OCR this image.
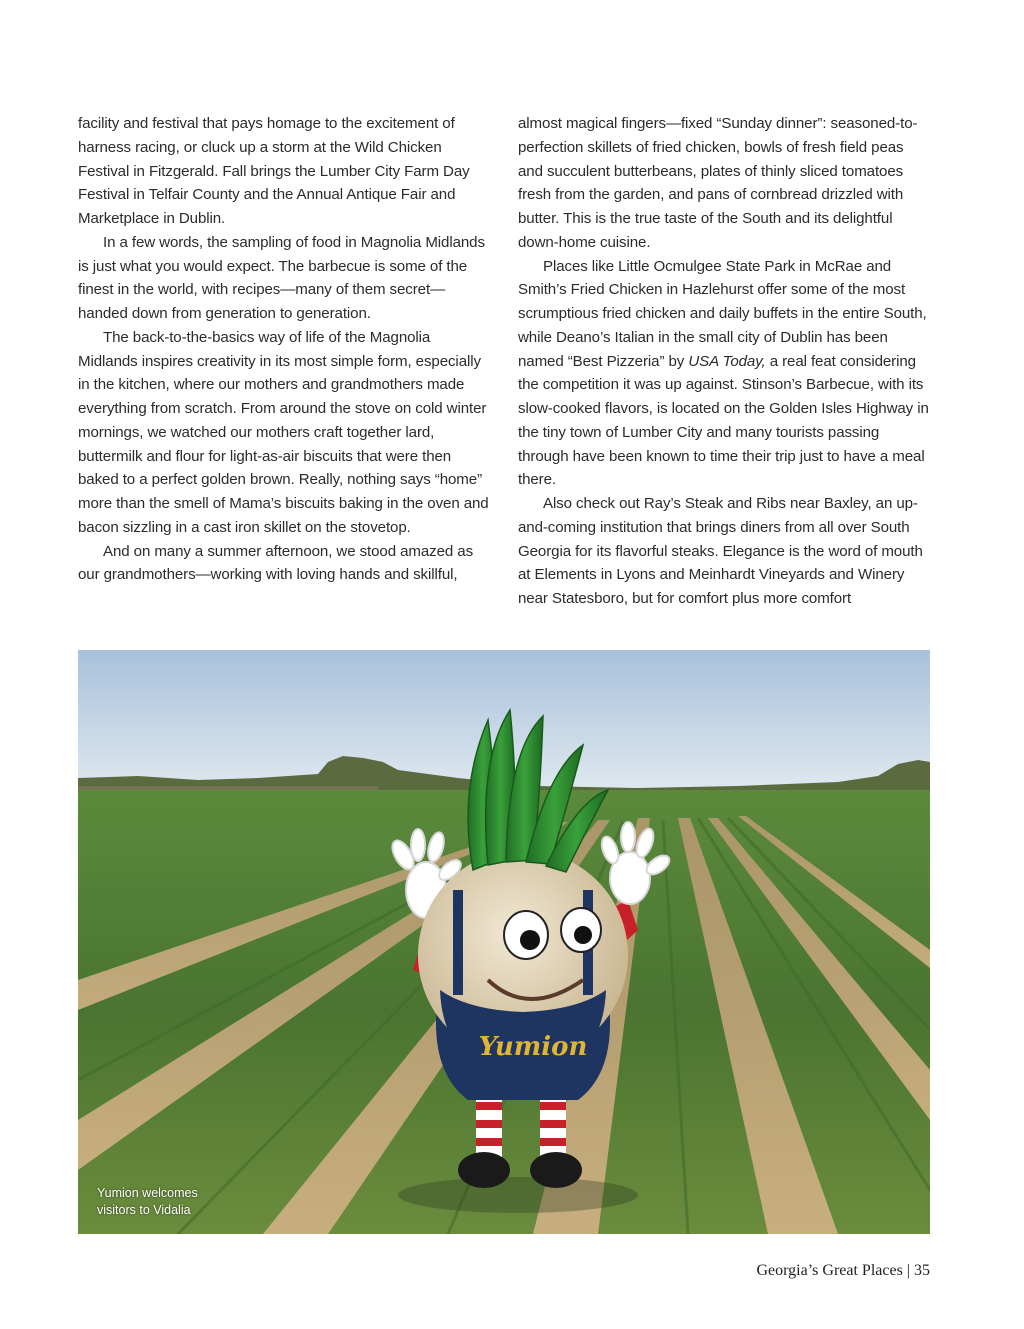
facility and festival that pays homage to the excitement of harness racing, or cluck up a storm at the Wild Chicken Festival in Fitzgerald. Fall brings the Lumber City Farm Day Festival in Telfair County and the Annual Antique Fair and Marketplace in Dublin.

In a few words, the sampling of food in Magnolia Midlands is just what you would expect. The barbecue is some of the finest in the world, with recipes—many of them secret—handed down from generation to generation.

The back-to-the-basics way of life of the Magnolia Midlands inspires creativity in its most simple form, especially in the kitchen, where our mothers and grandmothers made everything from scratch. From around the stove on cold winter mornings, we watched our mothers craft together lard, buttermilk and flour for light-as-air biscuits that were then baked to a perfect golden brown. Really, nothing says “home” more than the smell of Mama’s biscuits baking in the oven and bacon sizzling in a cast iron skillet on the stovetop.

And on many a summer afternoon, we stood amazed as our grandmothers—working with loving hands and skillful,

almost magical fingers—fixed “Sunday dinner”: seasoned-to-perfection skillets of fried chicken, bowls of fresh field peas and succulent butterbeans, plates of thinly sliced tomatoes fresh from the garden, and pans of cornbread drizzled with butter. This is the true taste of the South and its delightful down-home cuisine.

Places like Little Ocmulgee State Park in McRae and Smith’s Fried Chicken in Hazlehurst offer some of the most scrumptious fried chicken and daily buffets in the entire South, while Deano’s Italian in the small city of Dublin has been named “Best Pizzeria” by USA Today, a real feat considering the competition it was up against. Stinson’s Barbecue, with its slow-cooked flavors, is located on the Golden Isles Highway in the tiny town of Lumber City and many tourists passing through have been known to time their trip just to have a meal there.

Also check out Ray’s Steak and Ribs near Baxley, an up-and-coming institution that brings diners from all over South Georgia for its flavorful steaks. Elegance is the word of mouth at Elements in Lyons and Meinhardt Vineyards and Winery near Statesboro, but for comfort plus more comfort

Yumion
Yumion welcomes
visitors to Vidalia
Georgia’s Great Places | 35
